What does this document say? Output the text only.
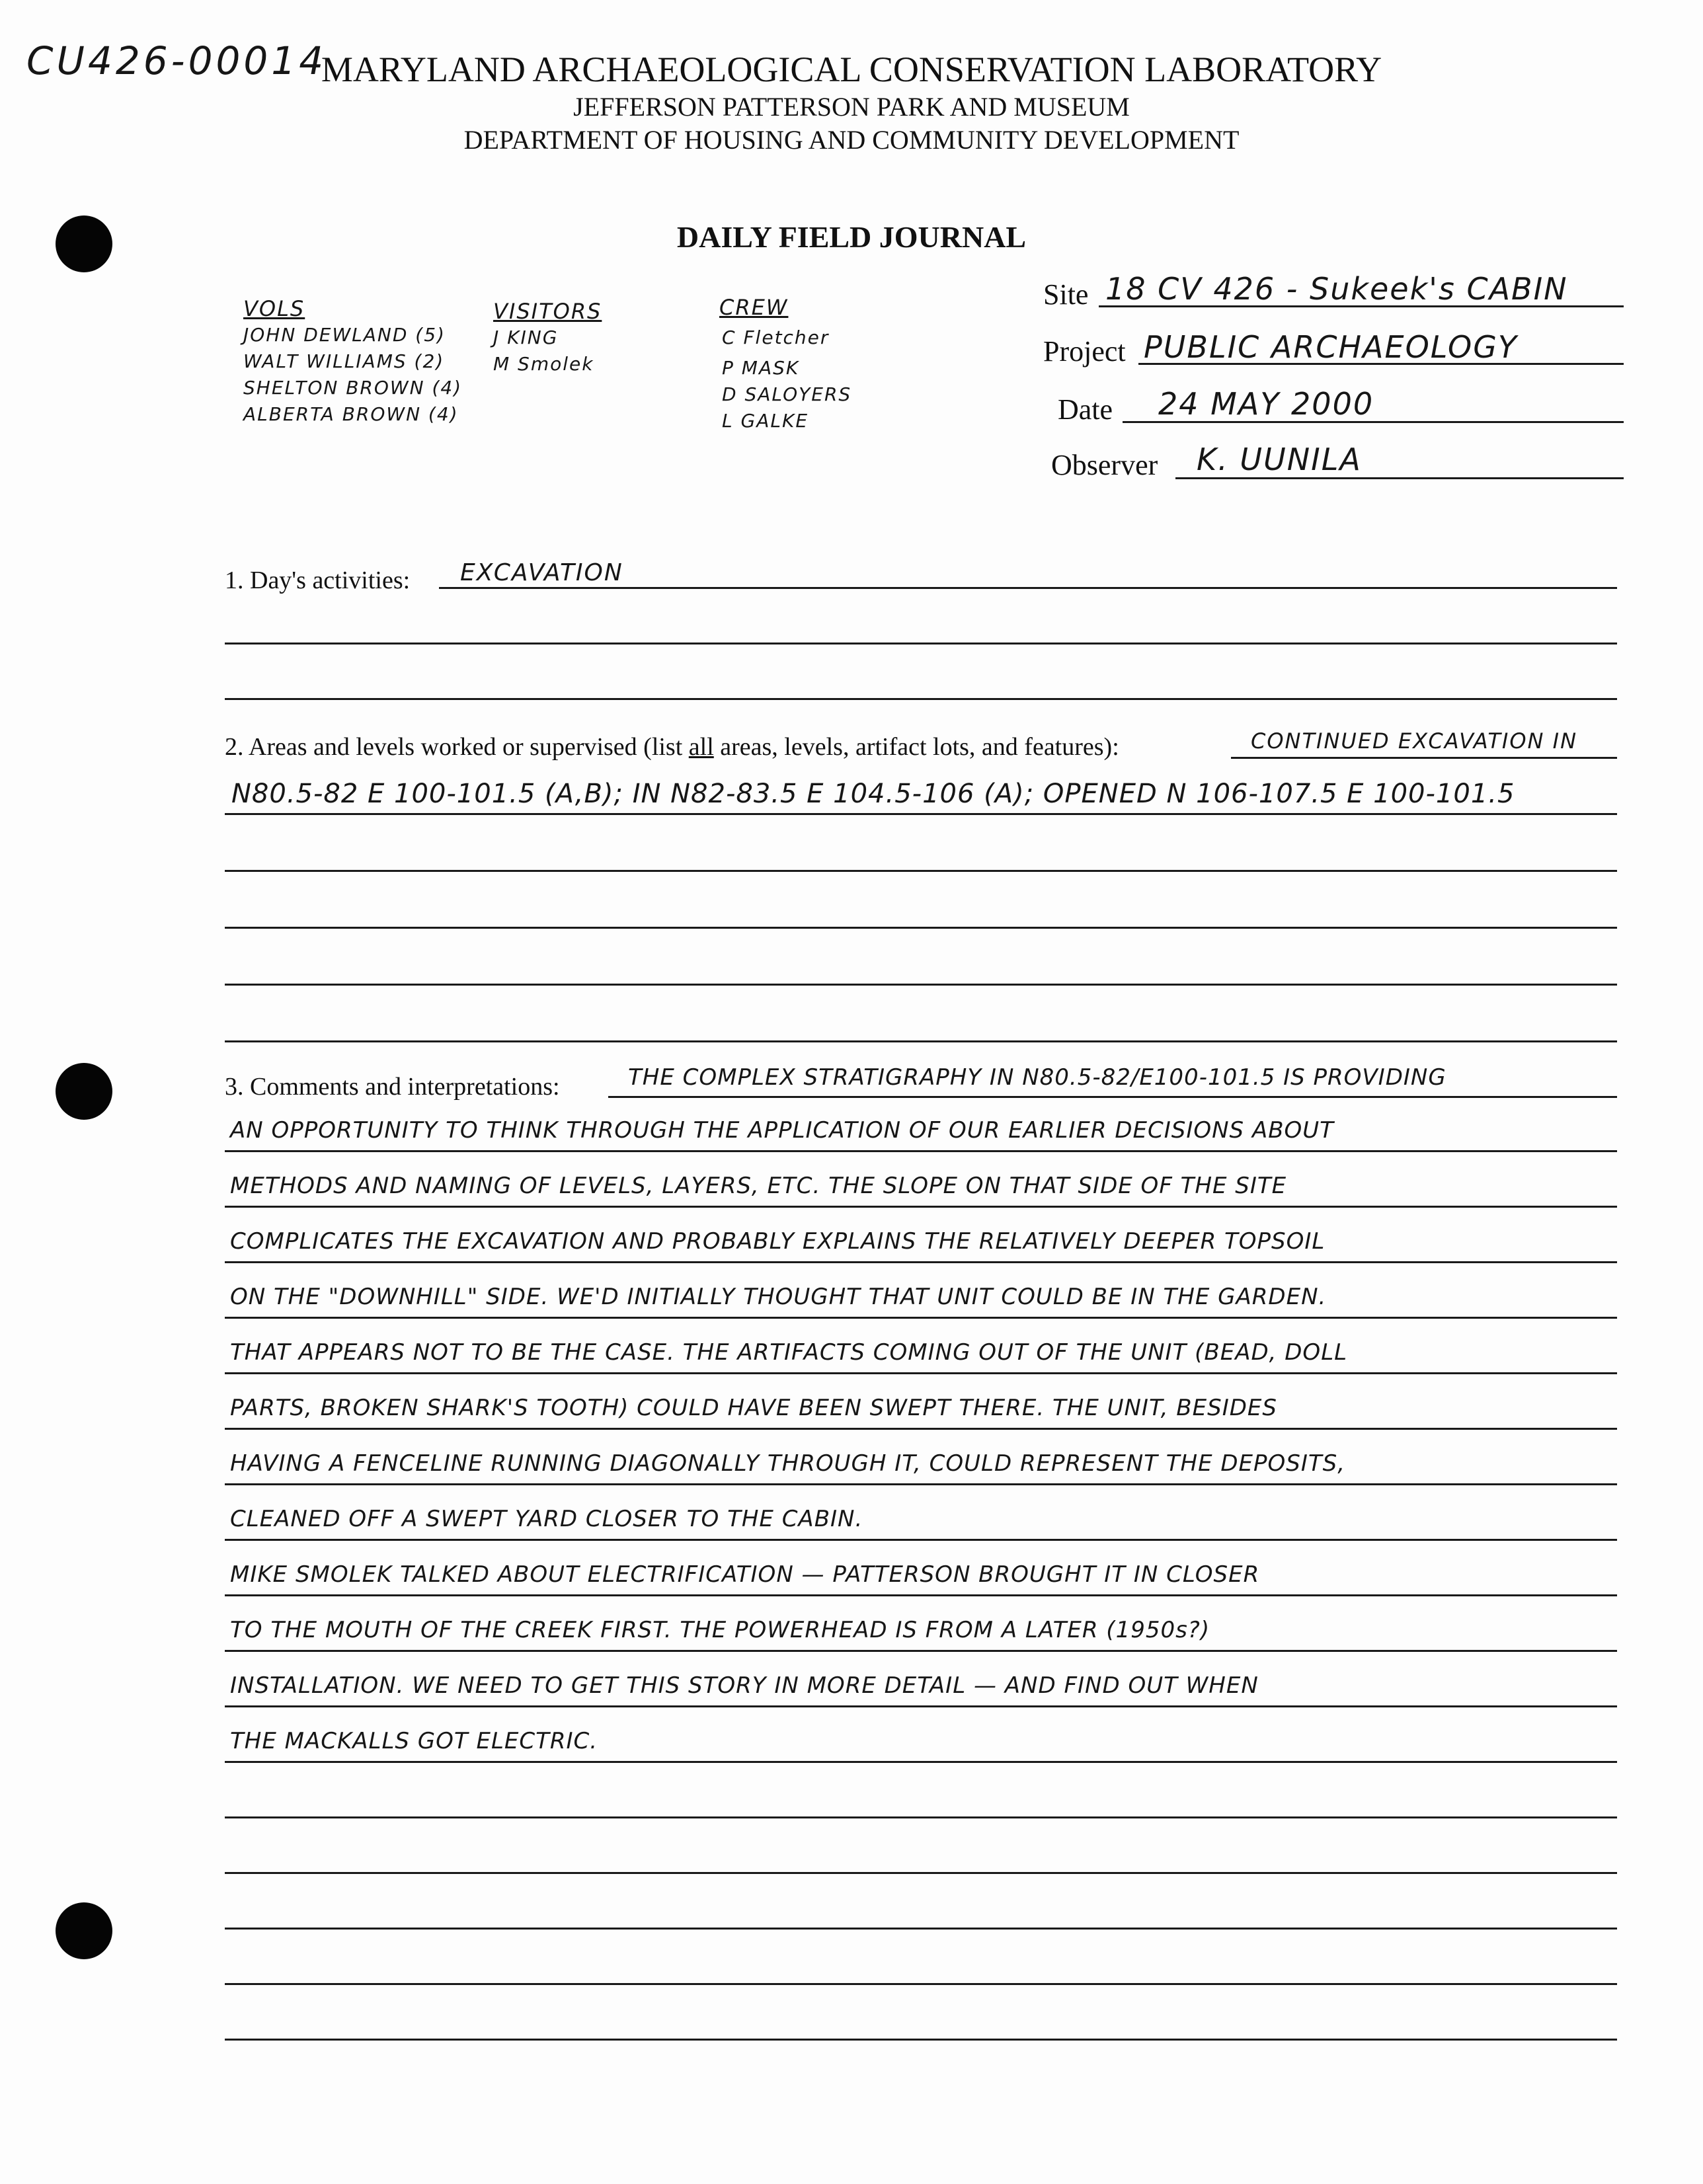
CU426-00014
MARYLAND ARCHAEOLOGICAL CONSERVATION LABORATORY
JEFFERSON PATTERSON PARK AND MUSEUM
DEPARTMENT OF HOUSING AND COMMUNITY DEVELOPMENT
DAILY FIELD JOURNAL
VOLS
JOHN DEWLAND (5)
WALT WILLIAMS (2)
SHELTON BROWN (4)
ALBERTA BROWN (4)
VISITORS
J KING
M Smolek
CREW
C Fletcher
P MASK
D SALOYERS
L GALKE
Site 18 CV 426 - Sukeek's CABIN
Project PUBLIC ARCHAEOLOGY
Date 24 MAY 2000
Observer K. UUNILA
1. Day's activities: EXCAVATION
2. Areas and levels worked or supervised (list all areas, levels, artifact lots, and features):	CONTINUED EXCAVATION IN
N80.5-82 E 100-101.5 (A,B); IN N82-83.5 E 104.5-106 (A); OPENED N 106-107.5 E 100-101.5
3. Comments and interpretations:	THE COMPLEX STRATIGRAPHY IN N80.5-82/E100-101.5 IS PROVIDING
AN OPPORTUNITY TO THINK THROUGH THE APPLICATION OF OUR EARLIER DECISIONS ABOUT
METHODS AND NAMING OF LEVELS, LAYERS, ETC. THE SLOPE ON THAT SIDE OF THE SITE
COMPLICATES THE EXCAVATION AND PROBABLY EXPLAINS THE RELATIVELY DEEPER TOPSOIL
ON THE "DOWNHILL" SIDE. WE'D INITIALLY THOUGHT THAT UNIT COULD BE IN THE GARDEN.
THAT APPEARS NOT TO BE THE CASE. THE ARTIFACTS COMING OUT OF THE UNIT (BEAD, DOLL
PARTS, BROKEN SHARK'S TOOTH) COULD HAVE BEEN SWEPT THERE. THE UNIT, BESIDES
HAVING A FENCELINE RUNNING DIAGONALLY THROUGH IT, COULD REPRESENT THE DEPOSITS,
CLEANED OFF A SWEPT YARD CLOSER TO THE CABIN.
MIKE SMOLEK TALKED ABOUT ELECTRIFICATION — PATTERSON BROUGHT IT IN CLOSER
TO THE MOUTH OF THE CREEK FIRST. THE POWERHEAD IS FROM A LATER (1950s?)
INSTALLATION. WE NEED TO GET THIS STORY IN MORE DETAIL — AND FIND OUT WHEN
THE MACKALLS GOT ELECTRIC.
